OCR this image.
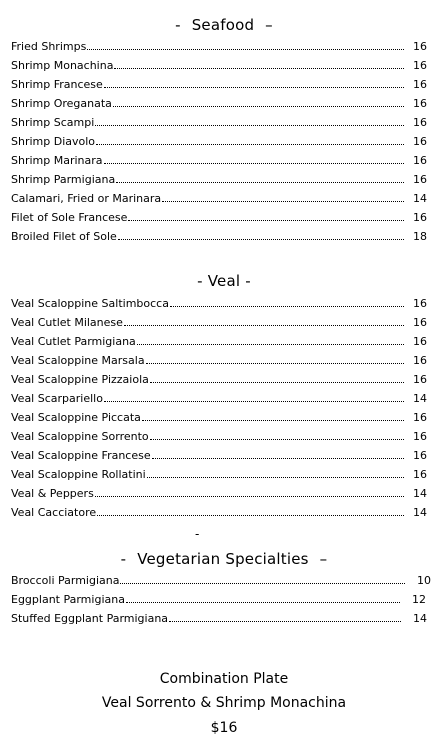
- Seafood –
Fried Shrimps	16
Shrimp Monachina	16
Shrimp Francese	16
Shrimp Oreganata	16
Shrimp Scampi	16
Shrimp Diavolo	16
Shrimp Marinara	16
Shrimp Parmigiana	16
Calamari, Fried or Marinara	14
Filet of Sole Francese	16
Broiled Filet of Sole	18
- Veal -
Veal Scaloppine Saltimbocca	16
Veal Cutlet Milanese	16
Veal Cutlet Parmigiana	16
Veal Scaloppine Marsala	16
Veal Scaloppine Pizzaiola	16
Veal Scarpariello	14
Veal Scaloppine Piccata	16
Veal Scaloppine Sorrento	16
Veal Scaloppine Francese	16
Veal Scaloppine Rollatini	16
Veal & Peppers	14
Veal Cacciatore	14
-
- Vegetarian Specialties –
Broccoli Parmigiana	10
Eggplant Parmigiana	12
Stuffed Eggplant Parmigiana	14
Combination Plate
Veal Sorrento & Shrimp Monachina
$16
